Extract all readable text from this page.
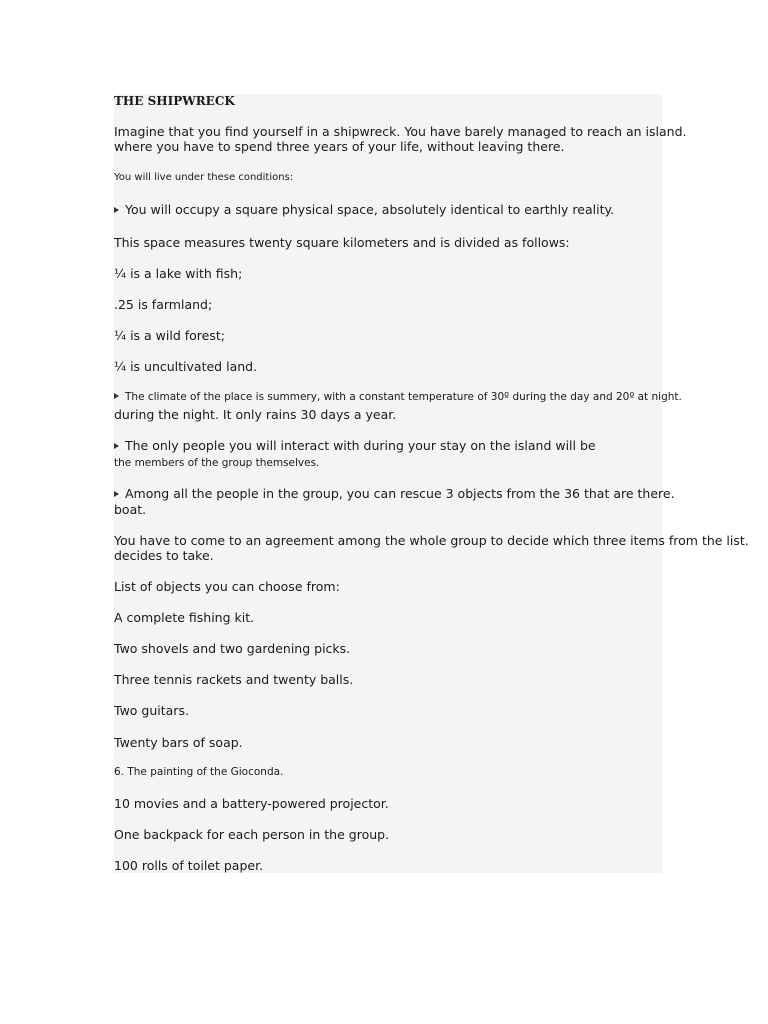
THE SHIPWRECK
Imagine that you find yourself in a shipwreck. You have barely managed to reach an island.
where you have to spend three years of your life, without leaving there.
You will live under these conditions:
You will occupy a square physical space, absolutely identical to earthly reality.
This space measures twenty square kilometers and is divided as follows:
¼ is a lake with fish;
.25 is farmland;
¼ is a wild forest;
¼ is uncultivated land.
The climate of the place is summery, with a constant temperature of 30º during the day and 20º at night.
during the night. It only rains 30 days a year.
The only people you will interact with during your stay on the island will be
the members of the group themselves.
Among all the people in the group, you can rescue 3 objects from the 36 that are there.
boat.
You have to come to an agreement among the whole group to decide which three items from the list.
decides to take.
List of objects you can choose from:
A complete fishing kit.
Two shovels and two gardening picks.
Three tennis rackets and twenty balls.
Two guitars.
Twenty bars of soap.
6. The painting of the Gioconda.
10 movies and a battery-powered projector.
One backpack for each person in the group.
100 rolls of toilet paper.
